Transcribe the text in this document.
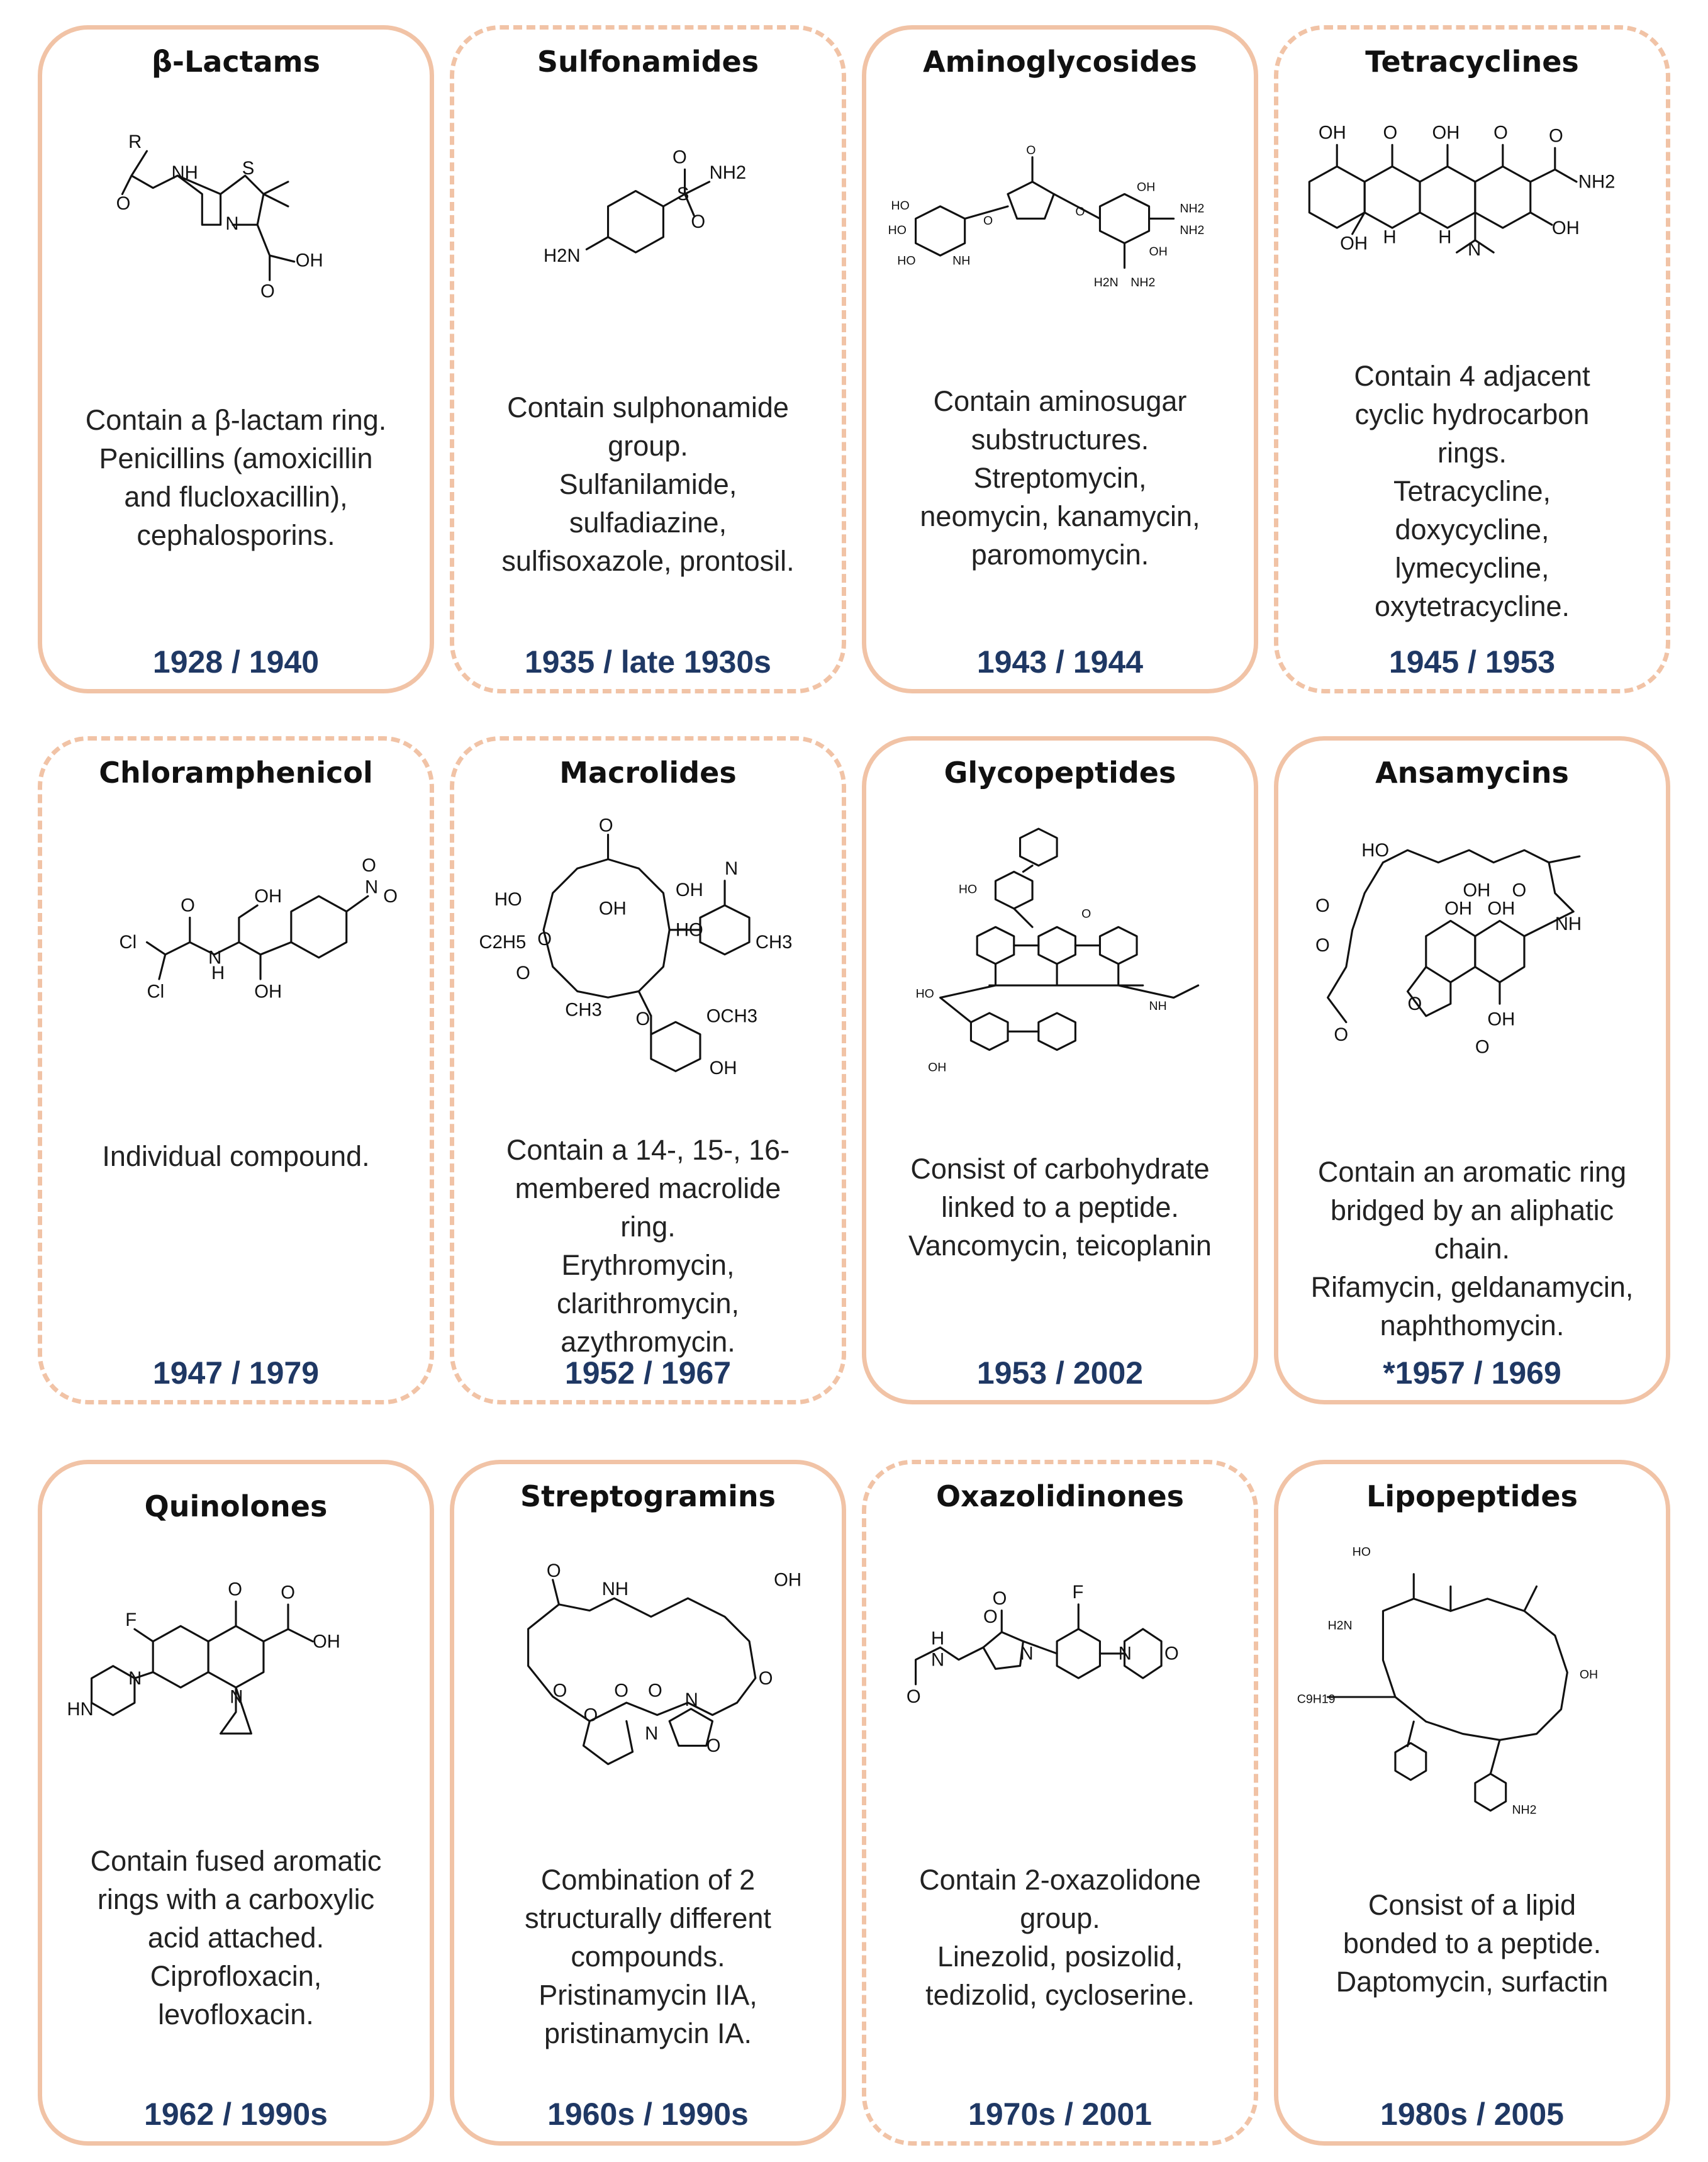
β-Lactams
R
O
NH S
N
O
OH
Contain a β-lactam ring.
Penicillins (amoxicillin
and flucloxacillin),
cephalosporins.
1928 / 1940
Sulfonamides
O
NH2
S
O
H2N
Contain sulphonamide
group.
Sulfanilamide,
sulfadiazine,
sulfisoxazole, prontosil.
1935 / late 1930s
Aminoglycosides
HO
HO
HO
O
O
NH
NH2
NH2
H2N NH2
OH
OH
O
Contain aminosugar
substructures.
Streptomycin,
neomycin, kanamycin,
paromomycin.
1943 / 1944
Tetracyclines
OH O OH O O
NH2
OH
OH H H
N
Contain 4 adjacent
cyclic hydrocarbon
rings.
Tetracycline,
doxycycline,
lymecycline,
oxytetracycline.
1945 / 1953
Chloramphenicol
OH	N
O
O
Cl
Cl
H
N
O
OH
Individual compound.
1947 / 1979
Macrolides
O
HO	OH
OH
N
HO
CH3
C2H5 O
O
CH3	OCH3
O
OH
Contain a 14-, 15-, 16-
membered macrolide
ring.
Erythromycin,
clarithromycin,
azythromycin.
1952 / 1967
Glycopeptides
OH
HO
O
NH
HO
Consist of carbohydrate
linked to a peptide.
Vancomycin, teicoplanin
1953 / 2002
Ansamycins
HO
OH
O
O
OH OH
NH
O
O
O
OH
O
Contain an aromatic ring
bridged by an aliphatic
chain.
Rifamycin, geldanamycin,
naphthomycin.
*1957 / 1969
Quinolones
F
O O
OH
N
HN
N
Contain fused aromatic
rings with a carboxylic
acid attached.
Ciprofloxacin,
levofloxacin.
1962 / 1990s
Streptogramins
O
NH	OH
O
O
N
N
O
O
O O
Combination of 2
structurally different
compounds.
Pristinamycin IIA,
pristinamycin IA.
1960s / 1990s
Oxazolidinones
O
O
N
H
N
F
N O
O
Contain 2-oxazolidone
group.
Linezolid, posizolid,
tedizolid, cycloserine.
1970s / 2001
Lipopeptides
HO
H2N
C9H19
NH2
OH
Consist of a lipid
bonded to a peptide.
Daptomycin, surfactin
1980s / 2005
